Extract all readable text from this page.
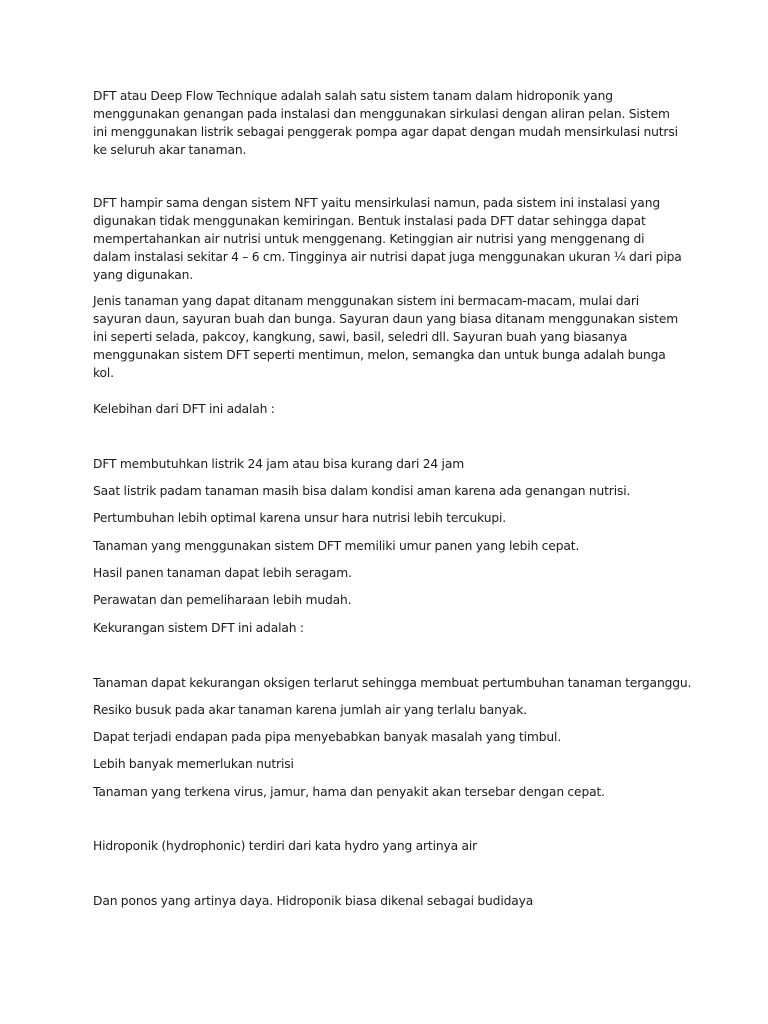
DFT atau Deep Flow Technique adalah salah satu sistem tanam dalam hidroponik yang menggunakan genangan pada instalasi dan menggunakan sirkulasi dengan aliran pelan. Sistem ini menggunakan listrik sebagai penggerak pompa agar dapat dengan mudah mensirkulasi nutrsi ke seluruh akar tanaman.
DFT hampir sama dengan sistem NFT yaitu mensirkulasi namun, pada sistem ini instalasi yang digunakan tidak menggunakan kemiringan. Bentuk instalasi pada DFT datar sehingga dapat mempertahankan air nutrisi untuk menggenang. Ketinggian air nutrisi yang menggenang di dalam instalasi sekitar 4 – 6 cm. Tingginya air nutrisi dapat juga menggunakan ukuran ¼ dari pipa yang digunakan.
Jenis tanaman yang dapat ditanam menggunakan sistem ini bermacam-macam, mulai dari sayuran daun, sayuran buah dan bunga. Sayuran daun yang biasa ditanam menggunakan sistem ini seperti selada, pakcoy, kangkung, sawi, basil, seledri dll. Sayuran buah yang biasanya menggunakan sistem DFT seperti mentimun, melon, semangka dan untuk bunga adalah bunga kol.
Kelebihan dari DFT ini adalah :
DFT membutuhkan listrik 24 jam atau bisa kurang dari 24 jam
Saat listrik padam tanaman masih bisa dalam kondisi aman karena ada genangan nutrisi.
Pertumbuhan lebih optimal karena unsur hara nutrisi lebih tercukupi.
Tanaman yang menggunakan sistem DFT memiliki umur panen yang lebih cepat.
Hasil panen tanaman dapat lebih seragam.
Perawatan dan pemeliharaan lebih mudah.
Kekurangan sistem DFT ini adalah :
Tanaman dapat kekurangan oksigen terlarut sehingga membuat pertumbuhan tanaman terganggu.
Resiko busuk pada akar tanaman karena jumlah air yang terlalu banyak.
Dapat terjadi endapan pada pipa menyebabkan banyak masalah yang timbul.
Lebih banyak memerlukan nutrisi
Tanaman yang terkena virus, jamur, hama dan penyakit akan tersebar dengan cepat.
Hidroponik (hydrophonic) terdiri dari kata hydro yang artinya air
Dan ponos yang artinya daya. Hidroponik biasa dikenal sebagai budidaya
